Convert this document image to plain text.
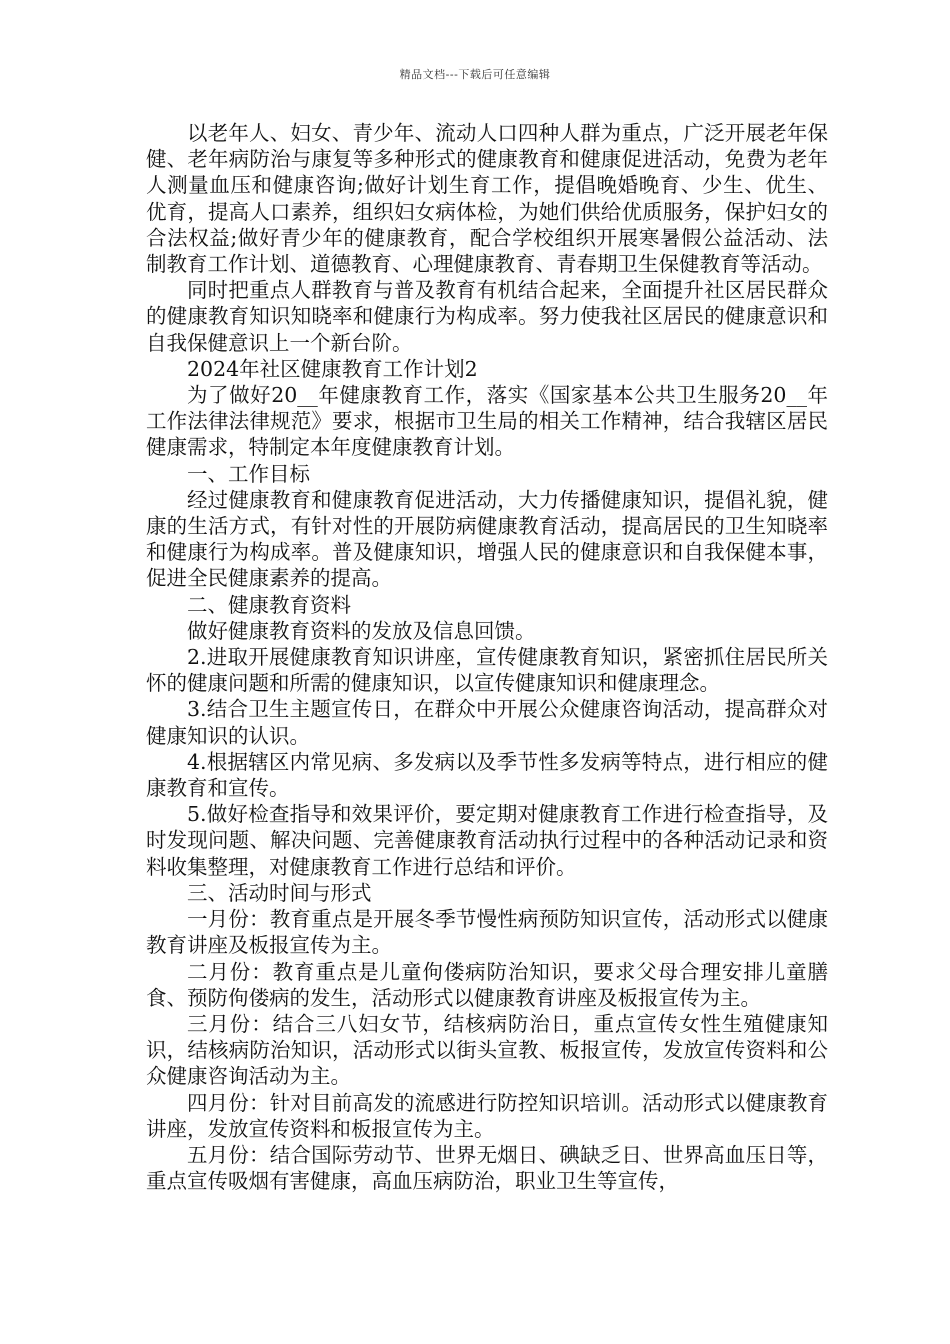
精品文档---下载后可任意编辑

以老年人、妇女、青少年、流动人口四种人群为重点，广泛开展老年保健、老年病防治与康复等多种形式的健康教育和健康促进活动，免费为老年人测量血压和健康咨询;做好计划生育工作，提倡晚婚晚育、少生、优生、优育，提高人口素养，组织妇女病体检，为她们供给优质服务，保护妇女的合法权益;做好青少年的健康教育，配合学校组织开展寒暑假公益活动、法制教育工作计划、道德教育、心理健康教育、青春期卫生保健教育等活动。

同时把重点人群教育与普及教育有机结合起来，全面提升社区居民群众的健康教育知识知晓率和健康行为构成率。努力使我社区居民的健康意识和自我保健意识上一个新台阶。

2024年社区健康教育工作计划2

为了做好20__年健康教育工作，落实《国家基本公共卫生服务20__年工作法律法律规范》要求，根据市卫生局的相关工作精神，结合我辖区居民健康需求，特制定本年度健康教育计划。

一、工作目标

经过健康教育和健康教育促进活动，大力传播健康知识，提倡礼貌，健康的生活方式，有针对性的开展防病健康教育活动，提高居民的卫生知晓率和健康行为构成率。普及健康知识，增强人民的健康意识和自我保健本事，促进全民健康素养的提高。

二、健康教育资料

做好健康教育资料的发放及信息回馈。

2.进取开展健康教育知识讲座，宣传健康教育知识，紧密抓住居民所关怀的健康问题和所需的健康知识，以宣传健康知识和健康理念。

3.结合卫生主题宣传日，在群众中开展公众健康咨询活动，提高群众对健康知识的认识。

4.根据辖区内常见病、多发病以及季节性多发病等特点，进行相应的健康教育和宣传。

5.做好检查指导和效果评价，要定期对健康教育工作进行检查指导，及时发现问题、解决问题、完善健康教育活动执行过程中的各种活动记录和资料收集整理，对健康教育工作进行总结和评价。

三、活动时间与形式

一月份：教育重点是开展冬季节慢性病预防知识宣传，活动形式以健康教育讲座及板报宣传为主。

二月份：教育重点是儿童佝偻病防治知识，要求父母合理安排儿童膳食、预防佝偻病的发生，活动形式以健康教育讲座及板报宣传为主。

三月份：结合三八妇女节，结核病防治日，重点宣传女性生殖健康知识，结核病防治知识，活动形式以街头宣教、板报宣传，发放宣传资料和公众健康咨询活动为主。

四月份：针对目前高发的流感进行防控知识培训。活动形式以健康教育讲座，发放宣传资料和板报宣传为主。

五月份：结合国际劳动节、世界无烟日、碘缺乏日、世界高血压日等，重点宣传吸烟有害健康，高血压病防治，职业卫生等宣传，
